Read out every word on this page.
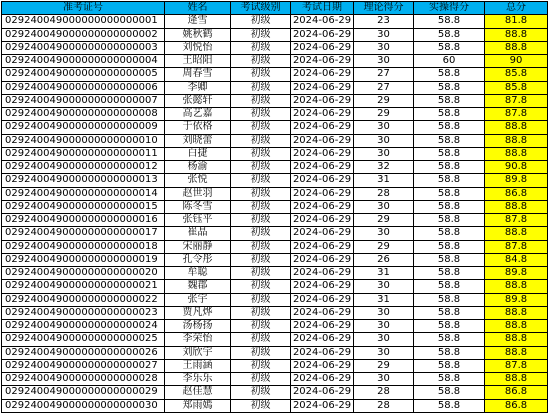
准考证号	姓名	考试级别	考试日期	理论得分	实操得分	总分
029240049000000000000001	逄雪	初级	2024-06-29	23	58.8	81.8
029240049000000000000002	姚秋鹤	初级	2024-06-29	30	58.8	88.8
029240049000000000000003	刘悦怡	初级	2024-06-29	30	58.8	88.8
029240049000000000000004	王昭阳	初级	2024-06-29	30	60	90
029240049000000000000005	周春雪	初级	2024-06-29	27	58.8	85.8
029240049000000000000006	李卿	初级	2024-06-29	27	58.8	85.8
029240049000000000000007	张懿轩	初级	2024-06-29	29	58.8	87.8
029240049000000000000008	高艺嘉	初级	2024-06-29	29	58.8	87.8
029240049000000000000009	于依格	初级	2024-06-29	30	58.8	88.8
029240049000000000000010	刘晓蕾	初级	2024-06-29	30	58.8	88.8
029240049000000000000011	白捷	初级	2024-06-29	30	58.8	88.8
029240049000000000000012	杨渝	初级	2024-06-29	32	58.8	90.8
029240049000000000000013	张悦	初级	2024-06-29	31	58.8	89.8
029240049000000000000014	赵世羽	初级	2024-06-29	28	58.8	86.8
029240049000000000000015	陈冬雪	初级	2024-06-29	30	58.8	88.8
029240049000000000000016	张钰平	初级	2024-06-29	29	58.8	87.8
029240049000000000000017	崔晶	初级	2024-06-29	30	58.8	88.8
029240049000000000000018	宋丽静	初级	2024-06-29	29	58.8	87.8
029240049000000000000019	孔令彤	初级	2024-06-29	26	58.8	84.8
029240049000000000000020	牟聪	初级	2024-06-29	31	58.8	89.8
029240049000000000000021	魏郡	初级	2024-06-29	30	58.8	88.8
029240049000000000000022	张宇	初级	2024-06-29	31	58.8	89.8
029240049000000000000023	贾凡烨	初级	2024-06-29	30	58.8	88.8
029240049000000000000024	汤杨扬	初级	2024-06-29	30	58.8	88.8
029240049000000000000025	李荣怡	初级	2024-06-29	30	58.8	88.8
029240049000000000000026	刘欣宇	初级	2024-06-29	30	58.8	88.8
029240049000000000000027	王雨涵	初级	2024-06-29	29	58.8	87.8
029240049000000000000028	李乐乐	初级	2024-06-29	30	58.8	88.8
029240049000000000000029	赵佳慧	初级	2024-06-29	28	58.8	86.8
029240049000000000000030	郑雨嫣	初级	2024-06-29	28	58.8	86.8
